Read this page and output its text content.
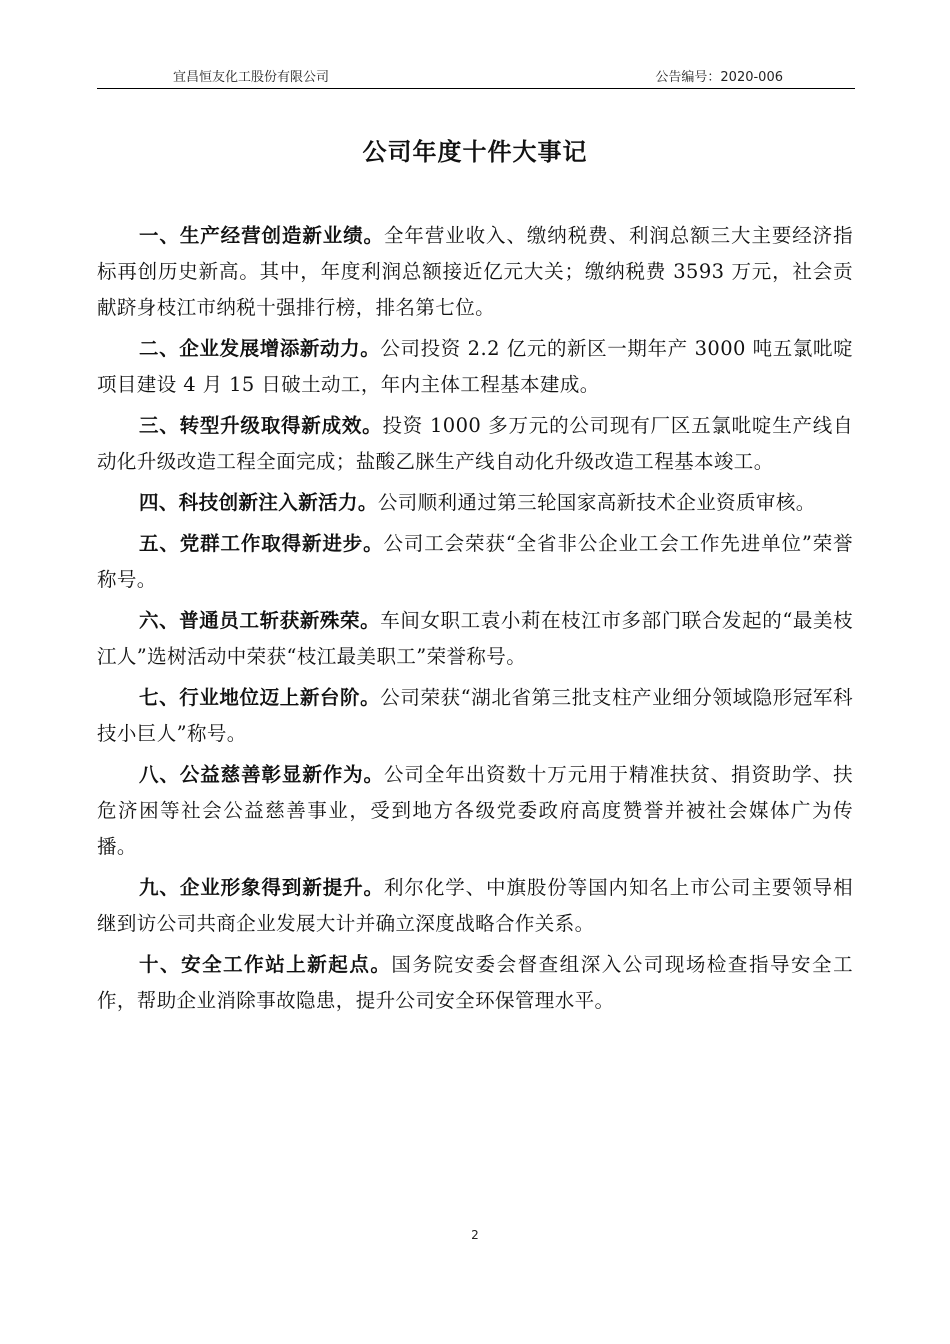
宜昌恒友化工股份有限公司	公告编号：2020-006
公司年度十件大事记
一、生产经营创造新业绩。全年营业收入、缴纳税费、利润总额三大主要经济指标再创历史新高。其中，年度利润总额接近亿元大关；缴纳税费 3593 万元，社会贡献跻身枝江市纳税十强排行榜，排名第七位。
二、企业发展增添新动力。公司投资 2.2 亿元的新区一期年产 3000 吨五氯吡啶项目建设 4 月 15 日破土动工，年内主体工程基本建成。
三、转型升级取得新成效。投资 1000 多万元的公司现有厂区五氯吡啶生产线自动化升级改造工程全面完成；盐酸乙脒生产线自动化升级改造工程基本竣工。
四、科技创新注入新活力。公司顺利通过第三轮国家高新技术企业资质审核。
五、党群工作取得新进步。公司工会荣获“全省非公企业工会工作先进单位”荣誉称号。
六、普通员工斩获新殊荣。车间女职工袁小莉在枝江市多部门联合发起的“最美枝江人”选树活动中荣获“枝江最美职工”荣誉称号。
七、行业地位迈上新台阶。公司荣获“湖北省第三批支柱产业细分领域隐形冠军科技小巨人”称号。
八、公益慈善彰显新作为。公司全年出资数十万元用于精准扶贫、捐资助学、扶危济困等社会公益慈善事业，受到地方各级党委政府高度赞誉并被社会媒体广为传播。
九、企业形象得到新提升。利尔化学、中旗股份等国内知名上市公司主要领导相继到访公司共商企业发展大计并确立深度战略合作关系。
十、安全工作站上新起点。国务院安委会督查组深入公司现场检查指导安全工作，帮助企业消除事故隐患，提升公司安全环保管理水平。
2
